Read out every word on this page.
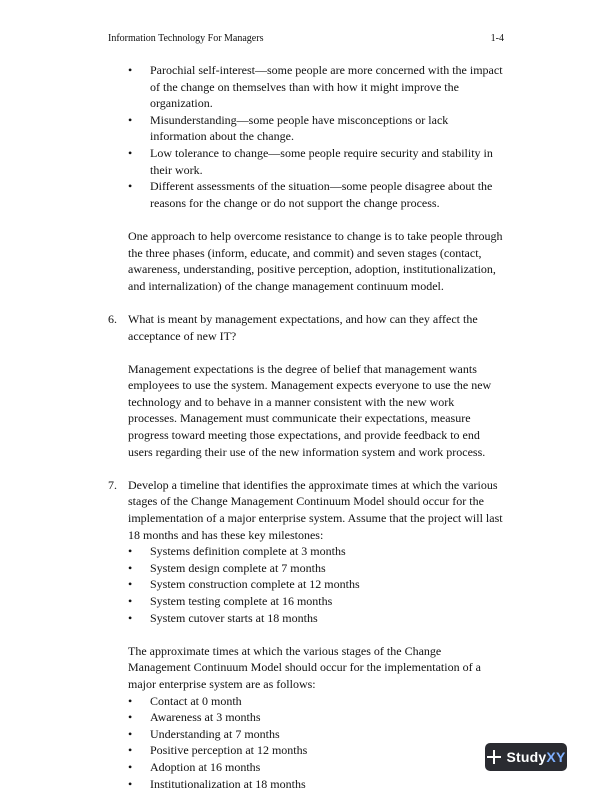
Information Technology For Managers	1-4
•	Parochial self-interest—some people are more concerned with the impact of the change on themselves than with how it might improve the organization.
•	Misunderstanding—some people have misconceptions or lack information about the change.
•	Low tolerance to change—some people require security and stability in their work.
•	Different assessments of the situation—some people disagree about the reasons for the change or do not support the change process.

One approach to help overcome resistance to change is to take people through the three phases (inform, educate, and commit) and seven stages (contact, awareness, understanding, positive perception, adoption, institutionalization, and internalization) of the change management continuum model.

6. What is meant by management expectations, and how can they affect the acceptance of new IT?

Management expectations is the degree of belief that management wants employees to use the system. Management expects everyone to use the new technology and to behave in a manner consistent with the new work processes. Management must communicate their expectations, measure progress toward meeting those expectations, and provide feedback to end users regarding their use of the new information system and work process.

7. Develop a timeline that identifies the approximate times at which the various stages of the Change Management Continuum Model should occur for the implementation of a major enterprise system. Assume that the project will last 18 months and has these key milestones:

• Systems definition complete at 3 months
• System design complete at 7 months
• System construction complete at 12 months
• System testing complete at 16 months
• System cutover starts at 18 months

The approximate times at which the various stages of the Change Management Continuum Model should occur for the implementation of a major enterprise system are as follows:

• Contact at 0 month
• Awareness at 3 months
• Understanding at 7 months
• Positive perception at 12 months
• Adoption at 16 months
• Institutionalization at 18 months
StudyXY
